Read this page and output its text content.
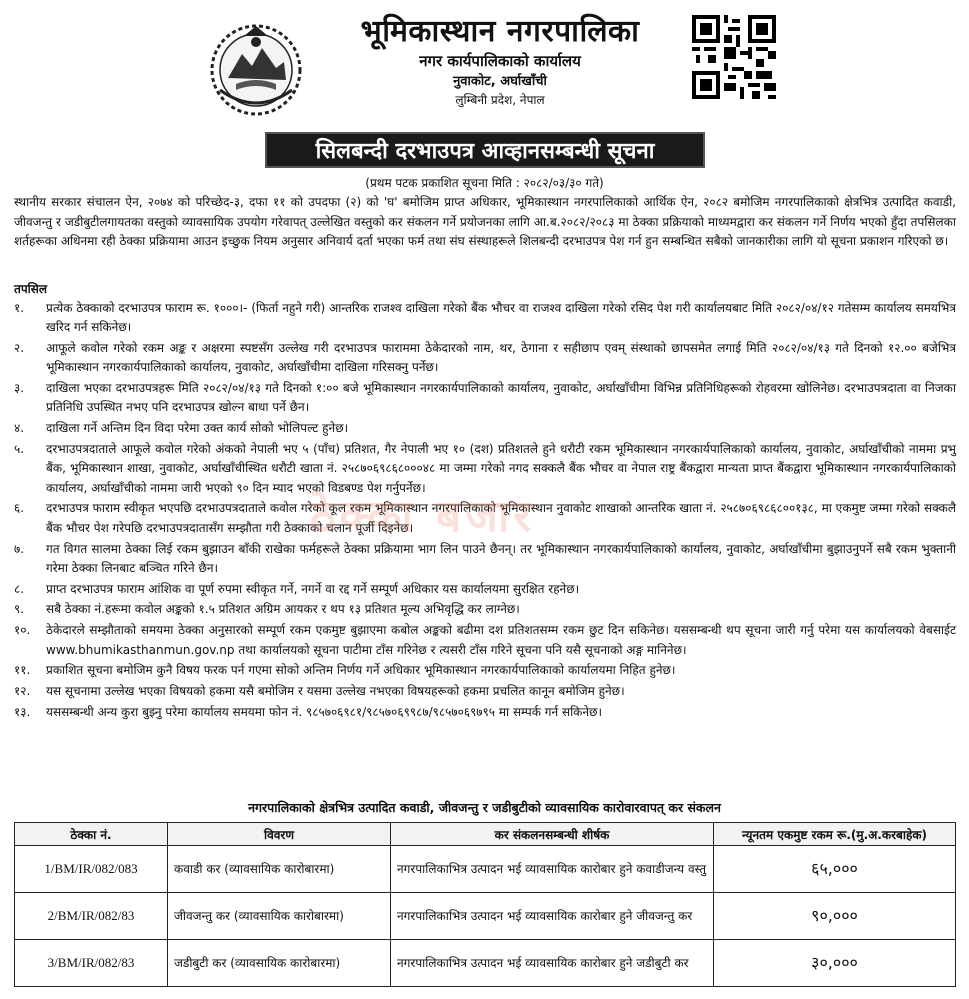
भूमिकास्थान नगरपालिका
नगर कार्यपालिकाको कार्यालय
नुवाकोट, अर्घाखाँची
लुम्बिनी प्रदेश, नेपाल
सिलबन्दी दरभाउपत्र आव्हानसम्बन्धी सूचना
(प्रथम पटक प्रकाशित सूचना मिति : २०८२/०३/३० गते)
स्थानीय सरकार संचालन ऐन, २०७४ को परिच्छेद-३, दफा ११ को उपदफा (२) को 'घ' बमोजिम प्राप्त अधिकार, भूमिकास्थान नगरपालिकाको आर्थिक ऐन, २०८२ बमोजिम नगरपालिकाको क्षेत्रभित्र उत्पादित कवाडी, जीवजन्तु र जडीबुटीलगायतका वस्तुको व्यावसायिक उपयोग गरेवापत् उल्लेखित वस्तुको कर संकलन गर्ने प्रयोजनका लागि आ.ब.२०८२/२०८३ मा ठेक्का प्रक्रियाको माध्यमद्वारा कर संकलन गर्ने निर्णय भएको हुँदा तपसिलका शर्तहरूका अधिनमा रही ठेक्का प्रक्रियामा आउन इच्छुक नियम अनुसार अनिवार्य दर्ता भएका फर्म तथा संघ संस्थाहरूले शिलबन्दी दरभाउपत्र पेश गर्न हुन सम्बन्धित सबैको जानकारीका लागि यो सूचना प्रकाशन गरिएको छ।
तपसिल
१.	प्रत्येक ठेक्काको दरभाउपत्र फाराम रू. १०००।- (फिर्ता नहुने गरी) आन्तरिक राजश्व दाखिला गरेको बैंक भौचर वा राजश्व दाखिला गरेको रसिद पेश गरी कार्यालयबाट मिति २०८२/०४/१२ गतेसम्म कार्यालय समयभित्र खरिद गर्न सकिनेछ।
२.	आफूले कवोल गरेको रकम अङ्क र अक्षरमा स्पष्टसँग उल्लेख गरी दरभाउपत्र फाराममा ठेकेदारको नाम, थर, ठेगाना र सहीछाप एवम् संस्थाको छापसमेत लगाई मिति २०८२/०४/१३ गते दिनको १२.०० बजेभित्र भूमिकास्थान नगरकार्यपालिकाको कार्यालय, नुवाकोट, अर्घाखाँचीमा दाखिला गरिसक्नु पर्नेछ।
३.	दाखिला भएका दरभाउपत्रहरू मिति २०८२/०४/१३ गते दिनको १:०० बजे भूमिकास्थान नगरकार्यपालिकाको कार्यालय, नुवाकोट, अर्घाखाँचीमा विभिन्न प्रतिनिधिहरूको रोहवरमा खोलिनेछ। दरभाउपत्रदाता वा निजका प्रतिनिधि उपस्थित नभए पनि दरभाउपत्र खोल्न बाधा पर्ने छैन।
४.	दाखिला गर्ने अन्तिम दिन विदा परेमा उक्त कार्य सोको भोलिपल्ट हुनेछ।
५.	दरभाउपत्रदाताले आफूले कवोल गरेको अंकको नेपाली भए ५ (पाँच) प्रतिशत, गैर नेपाली भए १० (दश) प्रतिशतले हुने धरौटी रकम भूमिकास्थान नगरकार्यपालिकाको कार्यालय, नुवाकोट, अर्घाखाँचीको नाममा प्रभु बैंक, भूमिकास्थान शाखा, नुवाकोट, अर्घाखाँचीस्थित धरौटी खाता नं. २५८७०६९८६८०००४८ मा जम्मा गरेको नगद सक्कलै बैंक भौचर वा नेपाल राष्ट्र बैंकद्वारा मान्यता प्राप्त बैंकद्वारा भूमिकास्थान नगरकार्यपालिकाको कार्यालय, अर्घाखाँचीको नाममा जारी भएको ९० दिन म्याद भएको विडबण्ड पेश गर्नुपर्नेछ।
६.	दरभाउपत्र फाराम स्वीकृत भएपछि दरभाउपत्रदाताले कवोल गरेको कूल रकम भूमिकास्थान नगरपालिकाको भूमिकास्थान नुवाकोट शाखाको आन्तरिक खाता नं. २५८७०६९८६८००१३८, मा एकमुष्ट जम्मा गरेको सक्कलै बैंक भौचर पेश गरेपछि दरभाउपत्रदातासँग सम्झौता गरी ठेक्काको चलान पूर्जी दिइनेछ।
७.	गत विगत सालमा ठेक्का लिई रकम बुझाउन बाँकी राखेका फर्महरूले ठेक्का प्रक्रियामा भाग लिन पाउने छैनन्। तर भूमिकास्थान नगरकार्यपालिकाको कार्यालय, नुवाकोट, अर्घाखाँचीमा बुझाउनुपर्ने सबै रकम भुक्तानी गरेमा ठेक्का लिनबाट बञ्चित गरिने छैन।
८.	प्राप्त दरभाउपत्र फाराम आंशिक वा पूर्ण रुपमा स्वीकृत गर्ने, नगर्ने वा रद्द गर्ने सम्पूर्ण अधिकार यस कार्यालयमा सुरक्षित रहनेछ।
९.	सबै ठेक्का नं.हरूमा कवोल अङ्कको १.५ प्रतिशत अग्रिम आयकर र थप १३ प्रतिशत मूल्य अभिवृद्धि कर लाग्नेछ।
१०.	ठेकेदारले सम्झौताको समयमा ठेक्का अनुसारको सम्पूर्ण रकम एकमुष्ट बुझाएमा कबोल अङ्कको बढीमा दश प्रतिशतसम्म रकम छुट दिन सकिनेछ। यससम्बन्धी थप सूचना जारी गर्नु परेमा यस कार्यालयको वेबसाईट www.bhumikasthanmun.gov.np तथा कार्यालयको सूचना पाटीमा टाँस गरिनेछ र त्यसरी टाँस गरिने सूचना पनि यसै सूचनाको अङ्ग मानिनेछ।
११.	प्रकाशित सूचना बमोजिम कुनै विषय फरक पर्न गएमा सोको अन्तिम निर्णय गर्ने अधिकार भूमिकास्थान नगरकार्यपालिकाको कार्यालयमा निहित हुनेछ।
१२.	यस सूचनामा उल्लेख भएका विषयको हकमा यसै बमोजिम र यसमा उल्लेख नभएका विषयहरूको हकमा प्रचलित कानून बमोजिम हुनेछ।
१३.	यससम्बन्धी अन्य कुरा बुझ्नु परेमा कार्यालय समयमा फोन नं. ९८५७०६९८१/९८५७०६९९८७/९८५७०६९७९५ मा सम्पर्क गर्न सकिनेछ।
ठेक्का बजार
नगरपालिकाको क्षेत्रभित्र उत्पादित कवाडी, जीवजन्तु र जडीबुटीको व्यावसायिक कारोवारवापत् कर संकलन
ठेक्का नं.	विवरण	कर संकलनसम्बन्धी शीर्षक	न्यूनतम एकमुष्ट रकम रू.(मु.अ.करबाहेक)
1/BM/IR/082/083	कवाडी कर (व्यावसायिक कारोबारमा)	नगरपालिकाभित्र उत्पादन भई व्यावसायिक कारोबार हुने कवाडीजन्य वस्तु	६५,०००
2/BM/IR/082/83	जीवजन्तु कर (व्यावसायिक कारोबारमा)	नगरपालिकाभित्र उत्पादन भई व्यावसायिक कारोबार हुने जीवजन्तु कर	९०,०००
3/BM/IR/082/83	जडीबुटी कर (व्यावसायिक कारोबारमा)	नगरपालिकाभित्र उत्पादन भई व्यावसायिक कारोबार हुने जडीबुटी कर	३०,०००
